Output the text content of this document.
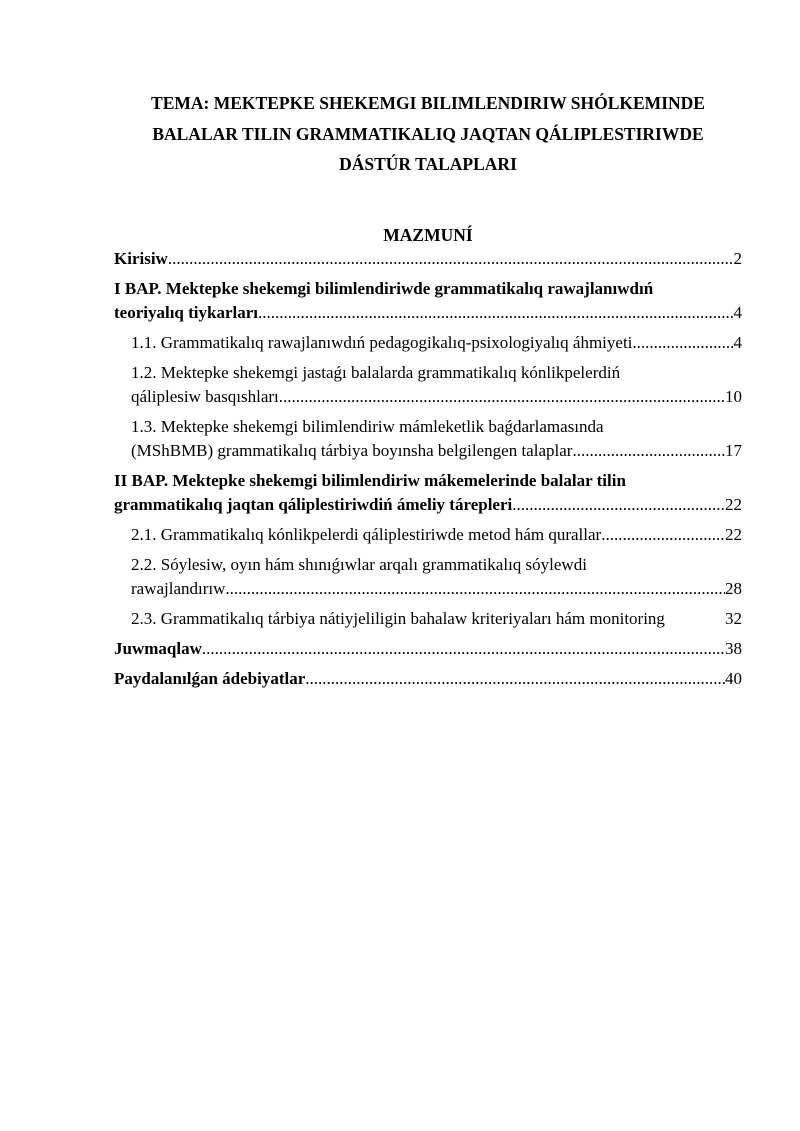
TEMA: MEKTEPKE SHEKEMGI BILIMLENDIRIW SHÓLKEMINDE
BALALAR TILIN GRAMMATIKALIQ JAQTAN QÁLIPLESTIRIWDE
DÁSTÚR TALAPLARI
MAZMUNÍ
Kirisiw .....	2
I BAP. Mektepke shekemgi bilimlendiriwde grammatikalıq rawajlanıwdıń
teoriyalıq tiykarları .....	4
1.1. Grammatikalıq rawajlanıwdıń pedagogikalıq-psixologiyalıq áhmiyeti .....	4
1.2. Mektepke shekemgi jastaǵı balalarda grammatikalıq kónlikpelerdiń
qáliplesiw basqıshları .....	10
1.3. Mektepke shekemgi bilimlendiriw mámleketlik baǵdarlamasında
(MShBMB) grammatikalıq tárbiya boyınsha belgilengen talaplar .....	17
II BAP. Mektepke shekemgi bilimlendiriw mákemelerinde balalar tilin
grammatikalıq jaqtan qáliplestiriwdiń ámeliy tárepleri .....	22
2.1. Grammatikalıq kónlikpelerdi qáliplestiriwde metod hám qurallar .....	22
2.2. Sóylesiw, oyın hám shınıǵıwlar arqalı grammatikalıq sóylewdi
rawajlandırıw .....	28
2.3. Grammatikalıq tárbiya nátiyjeliligin bahalaw kriteriyaları hám monitoring	32
Juwmaqlaw .....	38
Paydalanılǵan ádebiyatlar .....	40
